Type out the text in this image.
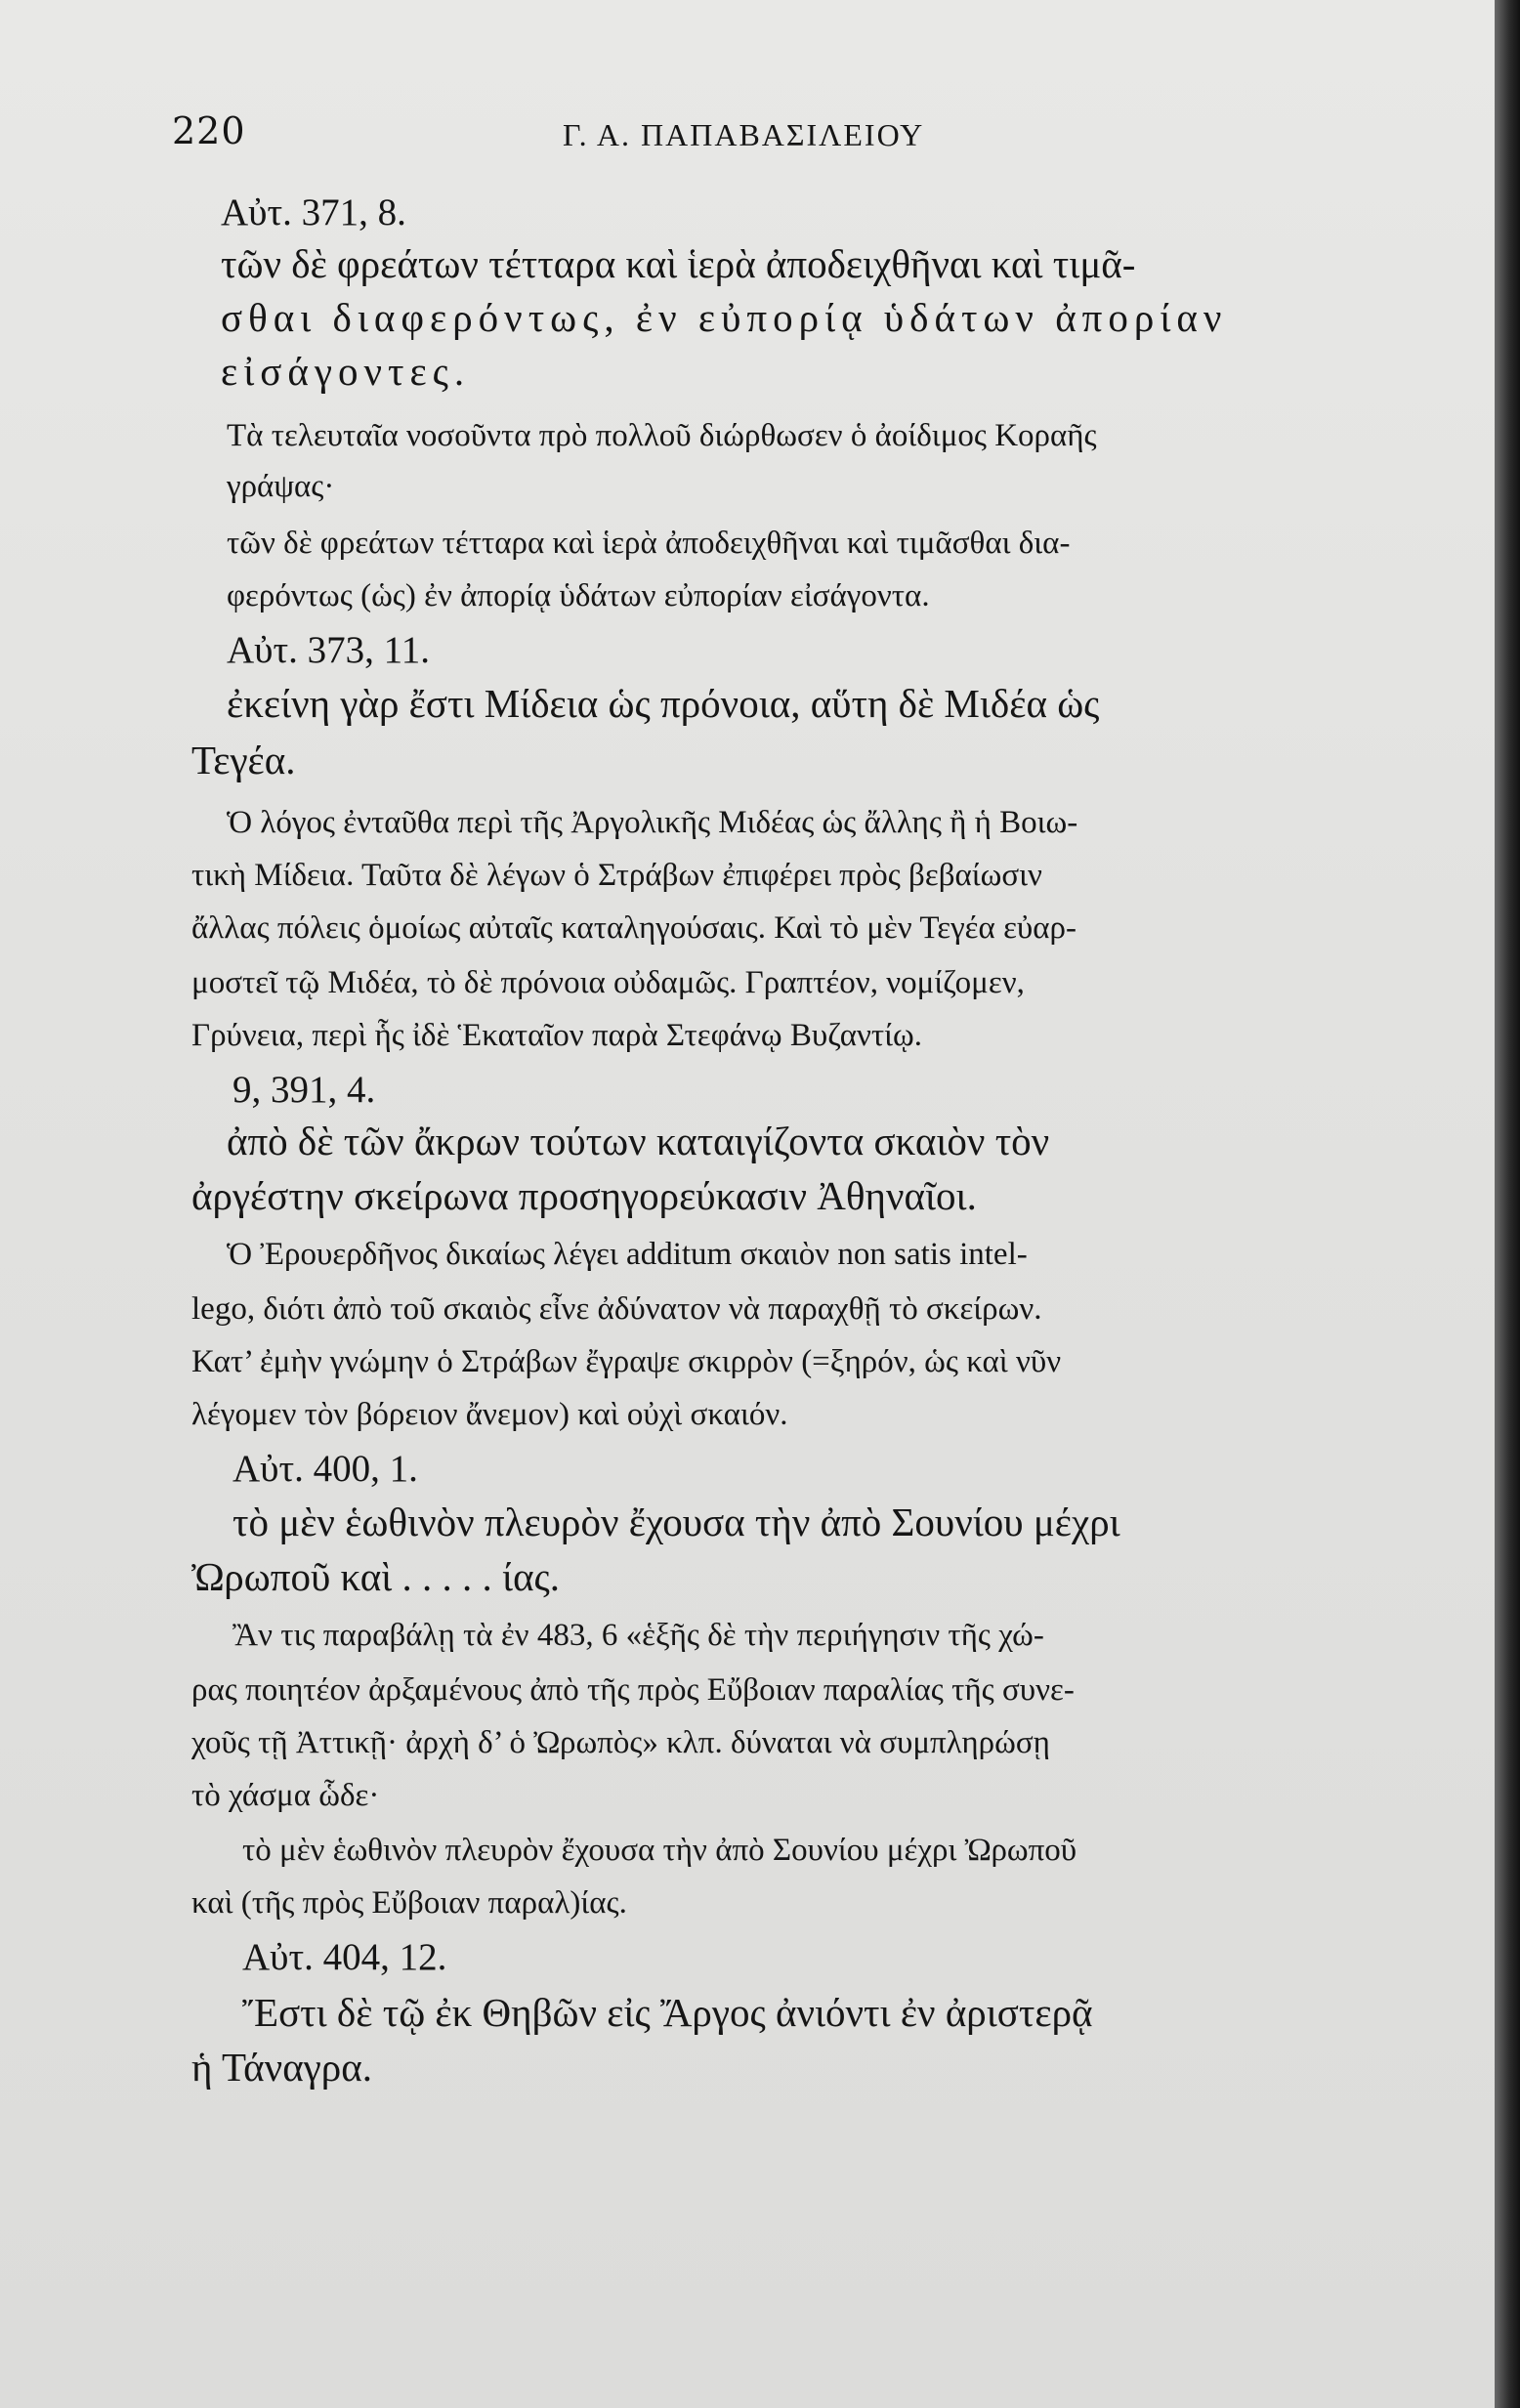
220	Γ. Α. ΠΑΠΑΒΑΣΙΛΕΙΟΥ
Αὐτ. 371, 8.
τῶν δὲ φρεάτων τέτταρα καὶ ἱερὰ ἀποδειχθῆναι καὶ τιμᾶ-
σθαι διαφερόντως, ἐν εὐπορίᾳ ὑδάτων ἀπορίαν
εἰσάγοντες.
Τὰ τελευταῖα νοσοῦντα πρὸ πολλοῦ διώρθωσεν ὁ ἀοίδιμος Κοραῆς
γράψας·
τῶν δὲ φρεάτων τέτταρα καὶ ἱερὰ ἀποδειχθῆναι καὶ τιμᾶσθαι δια-
φερόντως (ὡς) ἐν ἀπορίᾳ ὑδάτων εὐπορίαν εἰσάγοντα.
Αὐτ. 373, 11.
ἐκείνη γὰρ ἔστι Μίδεια ὡς πρόνοια, αὕτη δὲ Μιδέα ὡς
Τεγέα.
Ὁ λόγος ἐνταῦθα περὶ τῆς Ἀργολικῆς Μιδέας ὡς ἄλλης ἢ ἡ Βοιω-
τικὴ Μίδεια. Ταῦτα δὲ λέγων ὁ Στράβων ἐπιφέρει πρὸς βεβαίωσιν
ἄλλας πόλεις ὁμοίως αὐταῖς καταληγούσαις. Καὶ τὸ μὲν Τεγέα εὐαρ-
μοστεῖ τῷ Μιδέα, τὸ δὲ πρόνοια οὐδαμῶς. Γραπτέον, νομίζομεν,
Γρύνεια, περὶ ἧς ἰδὲ Ἑκαταῖον παρὰ Στεφάνῳ Βυζαντίῳ.
9, 391, 4.
ἀπὸ δὲ τῶν ἄκρων τούτων καταιγίζοντα σκαιὸν τὸν
ἀργέστην σκείρωνα προσηγορεύκασιν Ἀθηναῖοι.
Ὁ Ἐρουερδῆνος δικαίως λέγει additum σκαιὸν non satis intel-
lego, διότι ἀπὸ τοῦ σκαιὸς εἶνε ἀδύνατον νὰ παραχθῇ τὸ σκείρων.
Κατ’ ἐμὴν γνώμην ὁ Στράβων ἔγραψε σκιρρὸν (=ξηρόν, ὡς καὶ νῦν
λέγομεν τὸν βόρειον ἄνεμον) καὶ οὐχὶ σκαιόν.
Αὐτ. 400, 1.
τὸ μὲν ἑωθινὸν πλευρὸν ἔχουσα τὴν ἀπὸ Σουνίου μέχρι
Ὠρωποῦ καὶ . . . . . ίας.
Ἂν τις παραβάλῃ τὰ ἐν 483, 6 «ἑξῆς δὲ τὴν περιήγησιν τῆς χώ-
ρας ποιητέον ἀρξαμένους ἀπὸ τῆς πρὸς Εὔβοιαν παραλίας τῆς συνε-
χοῦς τῇ Ἀττικῇ· ἀρχὴ δ’ ὁ Ὠρωπὸς» κλπ. δύναται νὰ συμπληρώσῃ
τὸ χάσμα ὧδε·
τὸ μὲν ἑωθινὸν πλευρὸν ἔχουσα τὴν ἀπὸ Σουνίου μέχρι Ὠρωποῦ
καὶ (τῆς πρὸς Εὔβοιαν παραλ)ίας.
Αὐτ. 404, 12.
Ἔστι δὲ τῷ ἐκ Θηβῶν εἰς Ἄργος ἀνιόντι ἐν ἀριστερᾷ
ἡ Τάναγρα.
